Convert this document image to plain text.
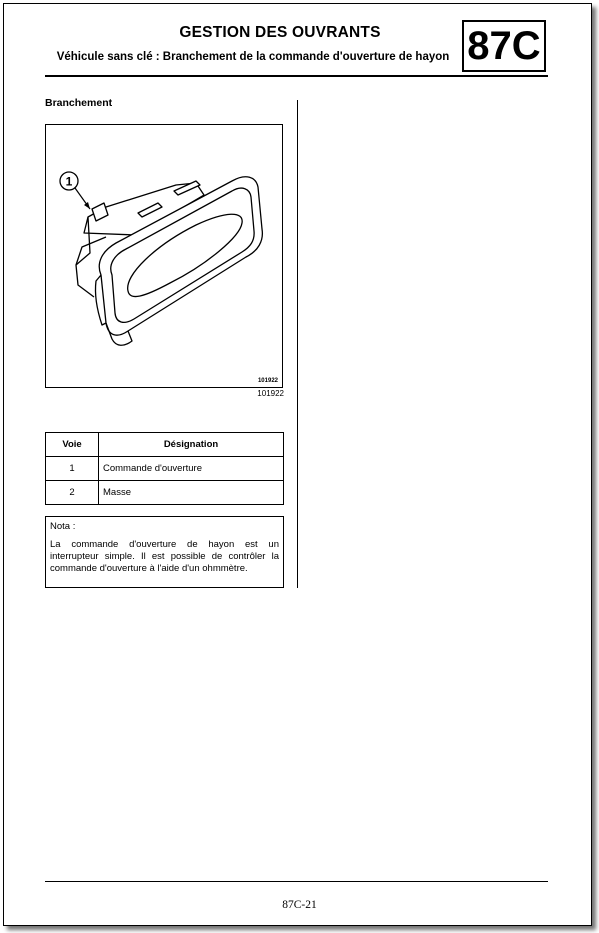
GESTION DES OUVRANTS
Véhicule sans clé : Branchement de la commande d'ouverture de hayon 87C
Branchement
1
101922
101922
Voie	Désignation
1	Commande d'ouverture
2	Masse
Nota :
La commande d'ouverture de hayon est un interrupteur simple. Il est possible de contrôler la commande d'ouverture à l'aide d'un ohmmètre.
87C-21
